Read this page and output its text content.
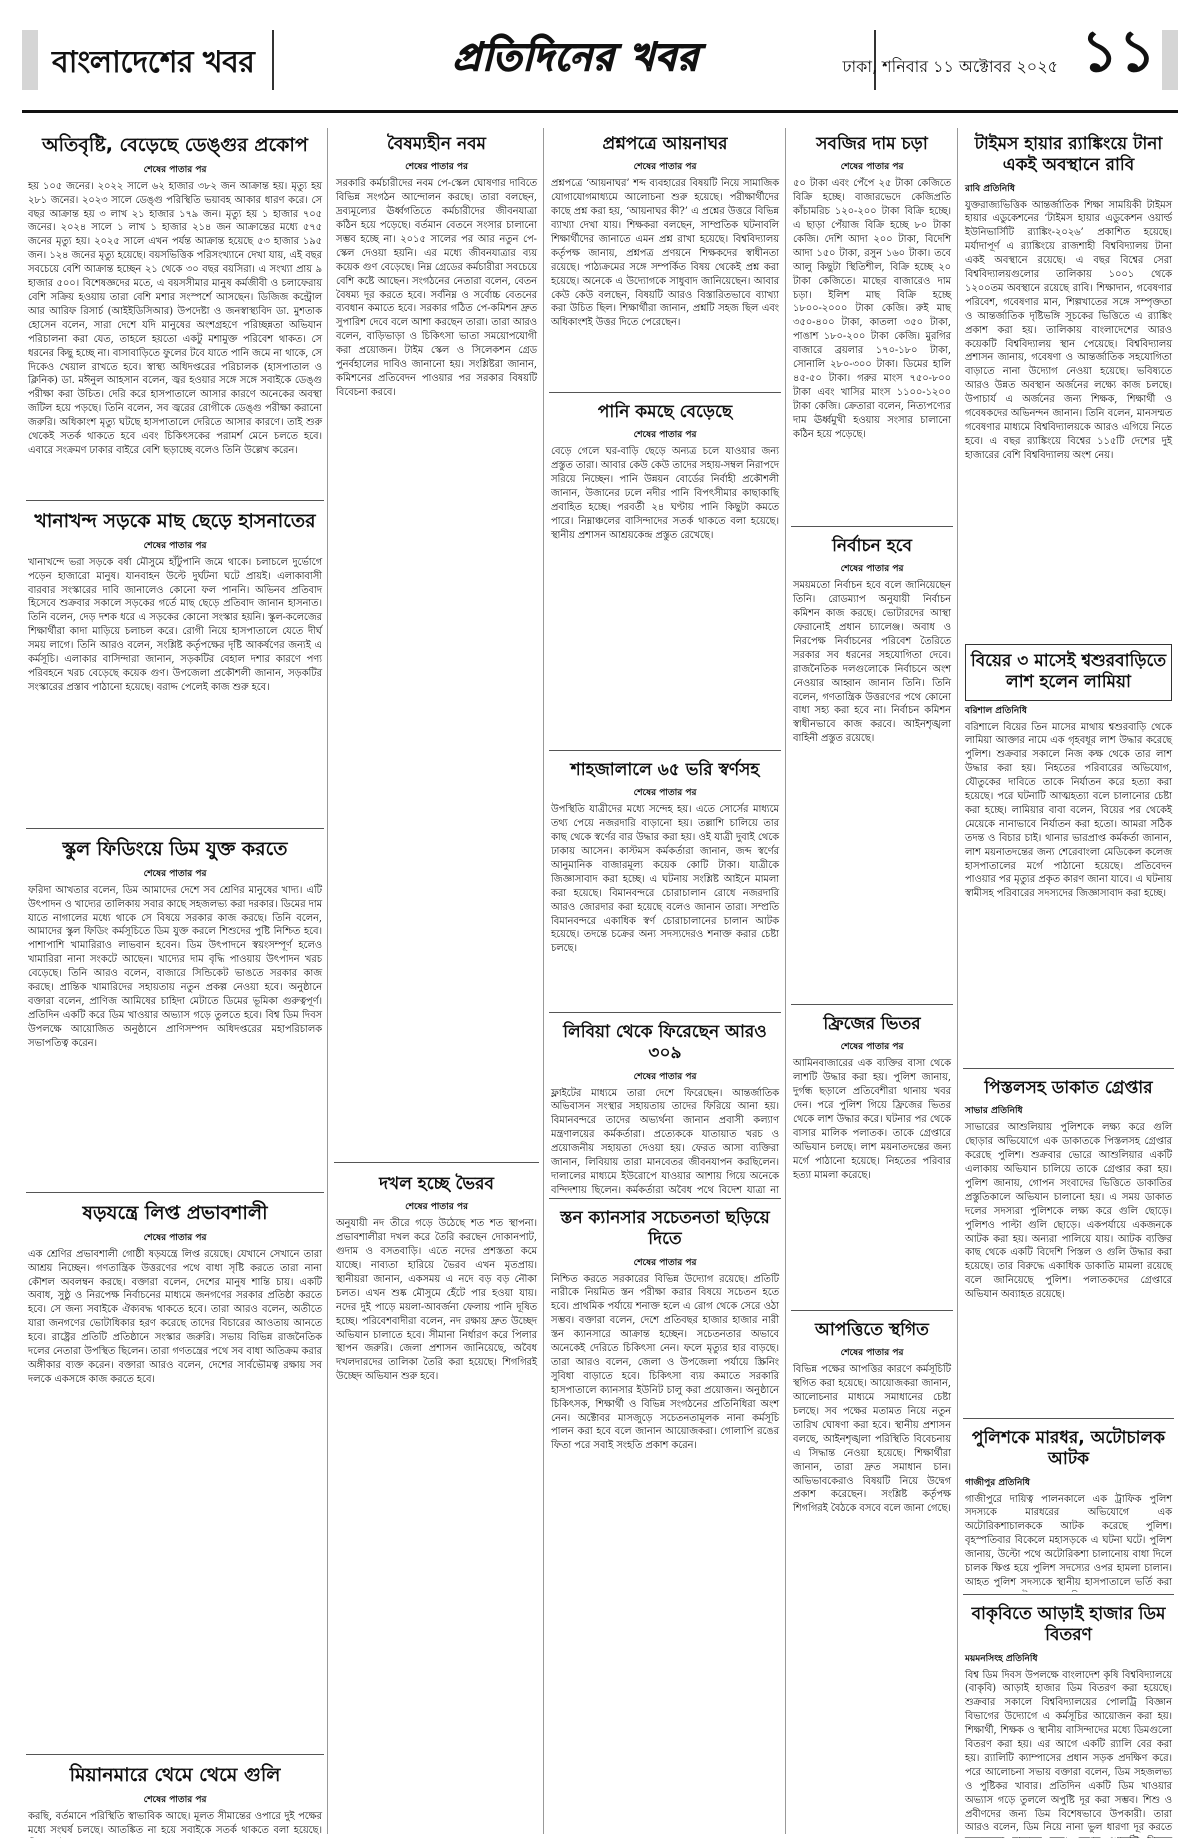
বাংলাদেশের খবর	প্রতিদিনের খবর	ঢাকা, শনিবার ১১ অক্টোবর ২০২৫ ১১
অতিবৃষ্টি, বেড়েছে ডেঙ্গুর প্রকোপ
শেষের পাতার পর
হয় ১০৫ জনের। ২০২২ সালে ৬২ হাজার ৩৮২ জন আক্রান্ত হয়। মৃত্যু হয় ২৮১ জনের। ২০২৩ সালে ডেঙ্গু পরিস্থিতি ভয়াবহ আকার ধারণ করে। সে বছর আক্রান্ত হয় ৩ লাখ ২১ হাজার ১৭৯ জন। মৃত্যু হয় ১ হাজার ৭০৫ জনের। ২০২৪ সালে ১ লাখ ১ হাজার ২১৪ জন আক্রান্তের মধ্যে ৫৭৫ জনের মৃত্যু হয়। ২০২৫ সালে এখন পর্যন্ত আক্রান্ত হয়েছে ৫৩ হাজার ১৯৫ জন। ১২৪ জনের মৃত্যু হয়েছে। বয়সভিত্তিক পরিসংখ্যানে দেখা যায়, এই বছর সবচেয়ে বেশি আক্রান্ত হচ্ছেন ২১ থেকে ৩০ বছর বয়সিরা। এ সংখ্যা প্রায় ৯ হাজার ৫০০। বিশেষজ্ঞদের মতে, এ বয়সসীমার মানুষ কর্মজীবী ও চলাফেরায় বেশি সক্রিয় হওয়ায় তারা বেশি মশার সংস্পর্শে আসছেন। ডিজিজ কন্ট্রোল আর আরিফ রিসার্চ (আইইডিসিআর) উপদেষ্টা ও জনস্বাস্থ্যবিদ ডা. মুশতাক হোসেন বলেন, সারা দেশে যদি মানুষের অংশগ্রহণে পরিচ্ছন্নতা অভিযান পরিচালনা করা যেত, তাহলে হয়তো একটু মশামুক্ত পরিবেশ থাকত। সে ধরনের কিছু হচ্ছে না। বাসাবাড়িতে ফুলের টবে যাতে পানি জমে না থাকে, সে দিকেও খেয়াল রাখতে হবে। স্বাস্থ্য অধিদপ্তরের পরিচালক (হাসপাতাল ও ক্লিনিক) ডা. মঈনুল আহসান বলেন, জ্বর হওয়ার সঙ্গে সঙ্গে সবাইকে ডেঙ্গু পরীক্ষা করা উচিত। দেরি করে হাসপাতালে আসার কারণে অনেকের অবস্থা জটিল হয়ে পড়ছে। তিনি বলেন, সব জ্বরের রোগীকে ডেঙ্গু পরীক্ষা করানো জরুরি। অধিকাংশ মৃত্যু ঘটছে হাসপাতালে দেরিতে আসার কারণে। তাই শুরু থেকেই সতর্ক থাকতে হবে এবং চিকিৎসকের পরামর্শ মেনে চলতে হবে। এবারে সংক্রমণ ঢাকার বাইরে বেশি ছড়াচ্ছে বলেও তিনি উল্লেখ করেন।
খানাখন্দ সড়কে মাছ ছেড়ে হাসনাতের
শেষের পাতার পর
খানাখন্দে ভরা সড়কে বর্ষা মৌসুমে হাঁটুপানি জমে থাকে। চলাচলে দুর্ভোগে পড়েন হাজারো মানুষ। যানবাহন উল্টে দুর্ঘটনা ঘটে প্রায়ই। এলাকাবাসী বারবার সংস্কারের দাবি জানালেও কোনো ফল পাননি। অভিনব প্রতিবাদ হিসেবে শুক্রবার সকালে সড়কের গর্তে মাছ ছেড়ে প্রতিবাদ জানান হাসনাত। তিনি বলেন, দেড় দশক ধরে এ সড়কের কোনো সংস্কার হয়নি। স্কুল-কলেজের শিক্ষার্থীরা কাদা মাড়িয়ে চলাচল করে। রোগী নিয়ে হাসপাতালে যেতে দীর্ঘ সময় লাগে। তিনি আরও বলেন, সংশ্লিষ্ট কর্তৃপক্ষের দৃষ্টি আকর্ষণের জন্যই এ কর্মসূচি। এলাকার বাসিন্দারা জানান, সড়কটির বেহাল দশার কারণে পণ্য পরিবহনে খরচ বেড়েছে কয়েক গুণ। উপজেলা প্রকৌশলী জানান, সড়কটির সংস্কারের প্রস্তাব পাঠানো হয়েছে। বরাদ্দ পেলেই কাজ শুরু হবে।
স্কুল ফিডিংয়ে ডিম যুক্ত করতে
শেষের পাতার পর
ফরিদা আখতার বলেন, ডিম আমাদের দেশে সব শ্রেণির মানুষের খাদ্য। এটি উৎপাদন ও খাদ্যের তালিকায় সবার কাছে সহজলভ্য করা দরকার। ডিমের দাম যাতে নাগালের মধ্যে থাকে সে বিষয়ে সরকার কাজ করছে। তিনি বলেন, আমাদের স্কুল ফিডিং কর্মসূচিতে ডিম যুক্ত করলে শিশুদের পুষ্টি নিশ্চিত হবে। পাশাপাশি খামারিরাও লাভবান হবেন। ডিম উৎপাদনে স্বয়ংসম্পূর্ণ হলেও খামারিরা নানা সংকটে আছেন। খাদ্যের দাম বৃদ্ধি পাওয়ায় উৎপাদন খরচ বেড়েছে। তিনি আরও বলেন, বাজারে সিন্ডিকেট ভাঙতে সরকার কাজ করছে। প্রান্তিক খামারিদের সহায়তায় নতুন প্রকল্প নেওয়া হবে। অনুষ্ঠানে বক্তারা বলেন, প্রাণিজ আমিষের চাহিদা মেটাতে ডিমের ভূমিকা গুরুত্বপূর্ণ। প্রতিদিন একটি করে ডিম খাওয়ার অভ্যাস গড়ে তুলতে হবে। বিশ্ব ডিম দিবস উপলক্ষে আয়োজিত অনুষ্ঠানে প্রাণিসম্পদ অধিদপ্তরের মহাপরিচালক সভাপতিত্ব করেন।
ষড়যন্ত্রে লিপ্ত প্রভাবশালী
শেষের পাতার পর
এক শ্রেণির প্রভাবশালী গোষ্ঠী ষড়যন্ত্রে লিপ্ত রয়েছে। যেখানে সেখানে তারা আশ্রয় নিচ্ছেন। গণতান্ত্রিক উত্তরণের পথে বাধা সৃষ্টি করতে তারা নানা কৌশল অবলম্বন করছে। বক্তারা বলেন, দেশের মানুষ শান্তি চায়। একটি অবাধ, সুষ্ঠু ও নিরপেক্ষ নির্বাচনের মাধ্যমে জনগণের সরকার প্রতিষ্ঠা করতে হবে। সে জন্য সবাইকে ঐক্যবদ্ধ থাকতে হবে। তারা আরও বলেন, অতীতে যারা জনগণের ভোটাধিকার হরণ করেছে তাদের বিচারের আওতায় আনতে হবে। রাষ্ট্রের প্রতিটি প্রতিষ্ঠানে সংস্কার জরুরি। সভায় বিভিন্ন রাজনৈতিক দলের নেতারা উপস্থিত ছিলেন। তারা গণতন্ত্রের পথে সব বাধা অতিক্রম করার অঙ্গীকার ব্যক্ত করেন। বক্তারা আরও বলেন, দেশের সার্বভৌমত্ব রক্ষায় সব দলকে একসঙ্গে কাজ করতে হবে।
মিয়ানমারে থেমে থেমে গুলি
শেষের পাতার পর
করছি, বর্তমানে পরিস্থিতি স্বাভাবিক আছে। মূলত সীমান্তের ওপারে দুই পক্ষের মধ্যে সংঘর্ষ চলছে। আতঙ্কিত না হয়ে সবাইকে সতর্ক থাকতে বলা হয়েছে।
বৈষম্যহীন নবম
শেষের পাতার পর
সরকারি কর্মচারীদের নবম পে-স্কেল ঘোষণার দাবিতে বিভিন্ন সংগঠন আন্দোলন করছে। তারা বলছেন, দ্রব্যমূল্যের ঊর্ধ্বগতিতে কর্মচারীদের জীবনযাত্রা কঠিন হয়ে পড়েছে। বর্তমান বেতনে সংসার চালানো সম্ভব হচ্ছে না। ২০১৫ সালের পর আর নতুন পে-স্কেল দেওয়া হয়নি। এর মধ্যে জীবনযাত্রার ব্যয় কয়েক গুণ বেড়েছে। নিম্ন গ্রেডের কর্মচারীরা সবচেয়ে বেশি কষ্টে আছেন। সংগঠনের নেতারা বলেন, বেতন বৈষম্য দূর করতে হবে। সর্বনিম্ন ও সর্বোচ্চ বেতনের ব্যবধান কমাতে হবে। সরকার গঠিত পে-কমিশন দ্রুত সুপারিশ দেবে বলে আশা করছেন তারা। তারা আরও বলেন, বাড়িভাড়া ও চিকিৎসা ভাতা সময়োপযোগী করা প্রয়োজন। টাইম স্কেল ও সিলেকশন গ্রেড পুনর্বহালের দাবিও জানানো হয়। সংশ্লিষ্টরা জানান, কমিশনের প্রতিবেদন পাওয়ার পর সরকার বিষয়টি বিবেচনা করবে।
দখল হচ্ছে ভৈরব
শেষের পাতার পর
অনুযায়ী নদ তীরে গড়ে উঠেছে শত শত স্থাপনা। প্রভাবশালীরা দখল করে তৈরি করছেন দোকানপাট, গুদাম ও বসতবাড়ি। এতে নদের প্রশস্ততা কমে যাচ্ছে। নাব্যতা হারিয়ে ভৈরব এখন মৃতপ্রায়। স্থানীয়রা জানান, একসময় এ নদে বড় বড় নৌকা চলত। এখন শুষ্ক মৌসুমে হেঁটে পার হওয়া যায়। নদের দুই পাড়ে ময়লা-আবর্জনা ফেলায় পানি দূষিত হচ্ছে। পরিবেশবাদীরা বলেন, নদ রক্ষায় দ্রুত উচ্ছেদ অভিযান চালাতে হবে। সীমানা নির্ধারণ করে পিলার স্থাপন জরুরি। জেলা প্রশাসন জানিয়েছে, অবৈধ দখলদারদের তালিকা তৈরি করা হয়েছে। শিগগিরই উচ্ছেদ অভিযান শুরু হবে।
প্রশ্নপত্রে আয়নাঘর
শেষের পাতার পর
প্রশ্নপত্রে ‘আয়নাঘর’ শব্দ ব্যবহারের বিষয়টি নিয়ে সামাজিক যোগাযোগমাধ্যমে আলোচনা শুরু হয়েছে। পরীক্ষার্থীদের কাছে প্রশ্ন করা হয়, ‘আয়নাঘর কী?’ এ প্রশ্নের উত্তরে বিভিন্ন ব্যাখ্যা দেখা যায়। শিক্ষকরা বলছেন, সাম্প্রতিক ঘটনাবলি শিক্ষার্থীদের জানাতে এমন প্রশ্ন রাখা হয়েছে। বিশ্ববিদ্যালয় কর্তৃপক্ষ জানায়, প্রশ্নপত্র প্রণয়নে শিক্ষকদের স্বাধীনতা রয়েছে। পাঠ্যক্রমের সঙ্গে সম্পর্কিত বিষয় থেকেই প্রশ্ন করা হয়েছে। অনেকে এ উদ্যোগকে সাধুবাদ জানিয়েছেন। আবার কেউ কেউ বলছেন, বিষয়টি আরও বিস্তারিতভাবে ব্যাখ্যা করা উচিত ছিল। শিক্ষার্থীরা জানান, প্রশ্নটি সহজ ছিল এবং অধিকাংশই উত্তর দিতে পেরেছেন।
পানি কমছে বেড়েছে
শেষের পাতার পর
বেড়ে গেলে ঘর-বাড়ি ছেড়ে অন্যত্র চলে যাওয়ার জন্য প্রস্তুত তারা। আবার কেউ কেউ তাদের সহায়-সম্বল নিরাপদে সরিয়ে নিচ্ছেন। পানি উন্নয়ন বোর্ডের নির্বাহী প্রকৌশলী জানান, উজানের ঢলে নদীর পানি বিপৎসীমার কাছাকাছি প্রবাহিত হচ্ছে। পরবর্তী ২৪ ঘণ্টায় পানি কিছুটা কমতে পারে। নিম্নাঞ্চলের বাসিন্দাদের সতর্ক থাকতে বলা হয়েছে। স্থানীয় প্রশাসন আশ্রয়কেন্দ্র প্রস্তুত রেখেছে।
শাহজালালে ৬৫ ভরি স্বর্ণসহ
শেষের পাতার পর
উপস্থিতি যাত্রীদের মধ্যে সন্দেহ হয়। এতে সোর্সের মাধ্যমে তথ্য পেয়ে নজরদারি বাড়ানো হয়। তল্লাশি চালিয়ে তার কাছ থেকে স্বর্ণের বার উদ্ধার করা হয়। ওই যাত্রী দুবাই থেকে ঢাকায় আসেন। কাস্টমস কর্মকর্তারা জানান, জব্দ স্বর্ণের আনুমানিক বাজারমূল্য কয়েক কোটি টাকা। যাত্রীকে জিজ্ঞাসাবাদ করা হচ্ছে। এ ঘটনায় সংশ্লিষ্ট আইনে মামলা করা হয়েছে। বিমানবন্দরে চোরাচালান রোধে নজরদারি আরও জোরদার করা হয়েছে বলেও জানান তারা। সম্প্রতি বিমানবন্দরে একাধিক স্বর্ণ চোরাচালানের চালান আটক হয়েছে। তদন্তে চক্রের অন্য সদস্যদেরও শনাক্ত করার চেষ্টা চলছে।
লিবিয়া থেকে ফিরেছেন আরও ৩০৯
শেষের পাতার পর
ফ্লাইটের মাধ্যমে তারা দেশে ফিরেছেন। আন্তর্জাতিক অভিবাসন সংস্থার সহায়তায় তাদের ফিরিয়ে আনা হয়। বিমানবন্দরে তাদের অভ্যর্থনা জানান প্রবাসী কল্যাণ মন্ত্রণালয়ের কর্মকর্তারা। প্রত্যেককে যাতায়াত খরচ ও প্রয়োজনীয় সহায়তা দেওয়া হয়। ফেরত আসা ব্যক্তিরা জানান, লিবিয়ায় তারা মানবেতর জীবনযাপন করছিলেন। দালালের মাধ্যমে ইউরোপে যাওয়ার আশায় গিয়ে অনেকে বন্দিদশায় ছিলেন। কর্মকর্তারা অবৈধ পথে বিদেশ যাত্রা না
স্তন ক্যানসার সচেতনতা ছড়িয়ে দিতে
শেষের পাতার পর
নিশ্চিত করতে সরকারের বিভিন্ন উদ্যোগ রয়েছে। প্রতিটি নারীকে নিয়মিত স্তন পরীক্ষা করার বিষয়ে সচেতন হতে হবে। প্রাথমিক পর্যায়ে শনাক্ত হলে এ রোগ থেকে সেরে ওঠা সম্ভব। বক্তারা বলেন, দেশে প্রতিবছর হাজার হাজার নারী স্তন ক্যানসারে আক্রান্ত হচ্ছেন। সচেতনতার অভাবে অনেকেই দেরিতে চিকিৎসা নেন। ফলে মৃত্যুর হার বাড়ছে। তারা আরও বলেন, জেলা ও উপজেলা পর্যায়ে স্ক্রিনিং সুবিধা বাড়াতে হবে। চিকিৎসা ব্যয় কমাতে সরকারি হাসপাতালে ক্যানসার ইউনিট চালু করা প্রয়োজন। অনুষ্ঠানে চিকিৎসক, শিক্ষার্থী ও বিভিন্ন সংগঠনের প্রতিনিধিরা অংশ নেন। অক্টোবর মাসজুড়ে সচেতনতামূলক নানা কর্মসূচি পালন করা হবে বলে জানান আয়োজকরা। গোলাপি রঙের ফিতা পরে সবাই সংহতি প্রকাশ করেন।
সবজির দাম চড়া
শেষের পাতার পর
৫০ টাকা এবং পেঁপে ২৫ টাকা কেজিতে বিক্রি হচ্ছে। বাজারভেদে কেজিপ্রতি কাঁচামরিচ ১২০-২০০ টাকা বিক্রি হচ্ছে। এ ছাড়া পেঁয়াজ বিক্রি হচ্ছে ৮০ টাকা কেজি। দেশি আদা ২০০ টাকা, বিদেশি আদা ১৫০ টাকা, রসুন ১৬০ টাকা। তবে আলু কিছুটা স্থিতিশীল, বিক্রি হচ্ছে ২০ টাকা কেজিতে। মাছের বাজারেও দাম চড়া। ইলিশ মাছ বিক্রি হচ্ছে ১৮০০-২০০০ টাকা কেজি। রুই মাছ ৩৫০-৪০০ টাকা, কাতলা ৩৫০ টাকা, পাঙাশ ১৮০-২০০ টাকা কেজি। মুরগির বাজারে ব্রয়লার ১৭০-১৮০ টাকা, সোনালি ২৮০-৩০০ টাকা। ডিমের হালি ৪৫-৫০ টাকা। গরুর মাংস ৭৫০-৮০০ টাকা এবং খাসির মাংস ১১০০-১২০০ টাকা কেজি। ক্রেতারা বলেন, নিত্যপণ্যের দাম ঊর্ধ্বমুখী হওয়ায় সংসার চালানো কঠিন হয়ে পড়েছে।
নির্বাচন হবে
শেষের পাতার পর
সময়মতো নির্বাচন হবে বলে জানিয়েছেন তিনি। রোডম্যাপ অনুযায়ী নির্বাচন কমিশন কাজ করছে। ভোটারদের আস্থা ফেরানোই প্রধান চ্যালেঞ্জ। অবাধ ও নিরপেক্ষ নির্বাচনের পরিবেশ তৈরিতে সরকার সব ধরনের সহযোগিতা দেবে। রাজনৈতিক দলগুলোকে নির্বাচনে অংশ নেওয়ার আহ্বান জানান তিনি। তিনি বলেন, গণতান্ত্রিক উত্তরণের পথে কোনো বাধা সহ্য করা হবে না। নির্বাচন কমিশন স্বাধীনভাবে কাজ করবে। আইনশৃঙ্খলা বাহিনী প্রস্তুত রয়েছে।
ফ্রিজের ভিতর
শেষের পাতার পর
আমিনবাজারের এক ব্যক্তির বাসা থেকে লাশটি উদ্ধার করা হয়। পুলিশ জানায়, দুর্গন্ধ ছড়ালে প্রতিবেশীরা থানায় খবর দেন। পরে পুলিশ গিয়ে ফ্রিজের ভিতর থেকে লাশ উদ্ধার করে। ঘটনার পর থেকে বাসার মালিক পলাতক। তাকে গ্রেপ্তারে অভিযান চলছে। লাশ ময়নাতদন্তের জন্য মর্গে পাঠানো হয়েছে। নিহতের পরিবার হত্যা মামলা করেছে।
আপত্তিতে স্থগিত
শেষের পাতার পর
বিভিন্ন পক্ষের আপত্তির কারণে কর্মসূচিটি স্থগিত করা হয়েছে। আয়োজকরা জানান, আলোচনার মাধ্যমে সমাধানের চেষ্টা চলছে। সব পক্ষের মতামত নিয়ে নতুন তারিখ ঘোষণা করা হবে। স্থানীয় প্রশাসন বলছে, আইনশৃঙ্খলা পরিস্থিতি বিবেচনায় এ সিদ্ধান্ত নেওয়া হয়েছে। শিক্ষার্থীরা জানান, তারা দ্রুত সমাধান চান। অভিভাবকেরাও বিষয়টি নিয়ে উদ্বেগ প্রকাশ করেছেন। সংশ্লিষ্ট কর্তৃপক্ষ শিগগিরই বৈঠকে বসবে বলে জানা গেছে।
টাইমস হায়ার র‍্যাঙ্কিংয়ে টানা একই অবস্থানে রাবি
রাবি প্রতিনিধি
যুক্তরাজ্যভিত্তিক আন্তর্জাতিক শিক্ষা সাময়িকী টাইমস হায়ার এডুকেশনের ‘টাইমস হায়ার এডুকেশন ওয়ার্ল্ড ইউনিভার্সিটি র‍্যাঙ্কিং-২০২৬’ প্রকাশিত হয়েছে। মর্যাদাপূর্ণ এ র‍্যাঙ্কিংয়ে রাজশাহী বিশ্ববিদ্যালয় টানা একই অবস্থানে রয়েছে। এ বছর বিশ্বের সেরা বিশ্ববিদ্যালয়গুলোর তালিকায় ১০০১ থেকে ১২০০তম অবস্থানে রয়েছে রাবি। শিক্ষাদান, গবেষণার পরিবেশ, গবেষণার মান, শিল্পখাতের সঙ্গে সম্পৃক্ততা ও আন্তর্জাতিক দৃষ্টিভঙ্গি সূচকের ভিত্তিতে এ র‍্যাঙ্কিং প্রকাশ করা হয়। তালিকায় বাংলাদেশের আরও কয়েকটি বিশ্ববিদ্যালয় স্থান পেয়েছে। বিশ্ববিদ্যালয় প্রশাসন জানায়, গবেষণা ও আন্তর্জাতিক সহযোগিতা বাড়াতে নানা উদ্যোগ নেওয়া হয়েছে। ভবিষ্যতে আরও উন্নত অবস্থান অর্জনের লক্ষ্যে কাজ চলছে। উপাচার্য এ অর্জনের জন্য শিক্ষক, শিক্ষার্থী ও গবেষকদের অভিনন্দন জানান। তিনি বলেন, মানসম্মত গবেষণার মাধ্যমে বিশ্ববিদ্যালয়কে আরও এগিয়ে নিতে হবে। এ বছর র‍্যাঙ্কিংয়ে বিশ্বের ১১৫টি দেশের দুই হাজারের বেশি বিশ্ববিদ্যালয় অংশ নেয়।
বিয়ের ৩ মাসেই শ্বশুরবাড়িতে লাশ হলেন লামিয়া
বরিশাল প্রতিনিধি
বরিশালে বিয়ের তিন মাসের মাথায় শ্বশুরবাড়ি থেকে লামিয়া আক্তার নামে এক গৃহবধূর লাশ উদ্ধার করেছে পুলিশ। শুক্রবার সকালে নিজ কক্ষ থেকে তার লাশ উদ্ধার করা হয়। নিহতের পরিবারের অভিযোগ, যৌতুকের দাবিতে তাকে নির্যাতন করে হত্যা করা হয়েছে। পরে ঘটনাটি আত্মহত্যা বলে চালানোর চেষ্টা করা হচ্ছে। লামিয়ার বাবা বলেন, বিয়ের পর থেকেই মেয়েকে নানাভাবে নির্যাতন করা হতো। আমরা সঠিক তদন্ত ও বিচার চাই। থানার ভারপ্রাপ্ত কর্মকর্তা জানান, লাশ ময়নাতদন্তের জন্য শেরেবাংলা মেডিকেল কলেজ হাসপাতালের মর্গে পাঠানো হয়েছে। প্রতিবেদন পাওয়ার পর মৃত্যুর প্রকৃত কারণ জানা যাবে। এ ঘটনায় স্বামীসহ পরিবারের সদস্যদের জিজ্ঞাসাবাদ করা হচ্ছে।
পিস্তলসহ ডাকাত গ্রেপ্তার
সাভার প্রতিনিধি
সাভারের আশুলিয়ায় পুলিশকে লক্ষ্য করে গুলি ছোড়ার অভিযোগে এক ডাকাতকে পিস্তলসহ গ্রেপ্তার করেছে পুলিশ। শুক্রবার ভোরে আশুলিয়ার একটি এলাকায় অভিযান চালিয়ে তাকে গ্রেপ্তার করা হয়। পুলিশ জানায়, গোপন সংবাদের ভিত্তিতে ডাকাতির প্রস্তুতিকালে অভিযান চালানো হয়। এ সময় ডাকাত দলের সদস্যরা পুলিশকে লক্ষ্য করে গুলি ছোড়ে। পুলিশও পাল্টা গুলি ছোড়ে। একপর্যায়ে একজনকে আটক করা হয়। অন্যরা পালিয়ে যায়। আটক ব্যক্তির কাছ থেকে একটি বিদেশি পিস্তল ও গুলি উদ্ধার করা হয়েছে। তার বিরুদ্ধে একাধিক ডাকাতি মামলা রয়েছে বলে জানিয়েছে পুলিশ। পলাতকদের গ্রেপ্তারে অভিযান অব্যাহত রয়েছে।
পুলিশকে মারধর, অটোচালক আটক
গাজীপুর প্রতিনিধি
গাজীপুরে দায়িত্ব পালনকালে এক ট্রাফিক পুলিশ সদস্যকে মারধরের অভিযোগে এক অটোরিকশাচালককে আটক করেছে পুলিশ। বৃহস্পতিবার বিকেলে মহাসড়কে এ ঘটনা ঘটে। পুলিশ জানায়, উল্টো পথে অটোরিকশা চালানোয় বাধা দিলে চালক ক্ষিপ্ত হয়ে পুলিশ সদস্যের ওপর হামলা চালান। আহত পুলিশ সদস্যকে স্থানীয় হাসপাতালে ভর্তি করা
বাকৃবিতে আড়াই হাজার ডিম বিতরণ
ময়মনসিংহ প্রতিনিধি
বিশ্ব ডিম দিবস উপলক্ষে বাংলাদেশ কৃষি বিশ্ববিদ্যালয়ে (বাকৃবি) আড়াই হাজার ডিম বিতরণ করা হয়েছে। শুক্রবার সকালে বিশ্ববিদ্যালয়ের পোলট্রি বিজ্ঞান বিভাগের উদ্যোগে এ কর্মসূচির আয়োজন করা হয়। শিক্ষার্থী, শিক্ষক ও স্থানীয় বাসিন্দাদের মধ্যে ডিমগুলো বিতরণ করা হয়। এর আগে একটি র‍্যালি বের করা হয়। র‍্যালিটি ক্যাম্পাসের প্রধান সড়ক প্রদক্ষিণ করে। পরে আলোচনা সভায় বক্তারা বলেন, ডিম সহজলভ্য ও পুষ্টিকর খাবার। প্রতিদিন একটি ডিম খাওয়ার অভ্যাস গড়ে তুললে অপুষ্টি দূর করা সম্ভব। শিশু ও প্রবীণদের জন্য ডিম বিশেষভাবে উপকারী। তারা আরও বলেন, ডিম নিয়ে নানা ভুল ধারণা দূর করতে
